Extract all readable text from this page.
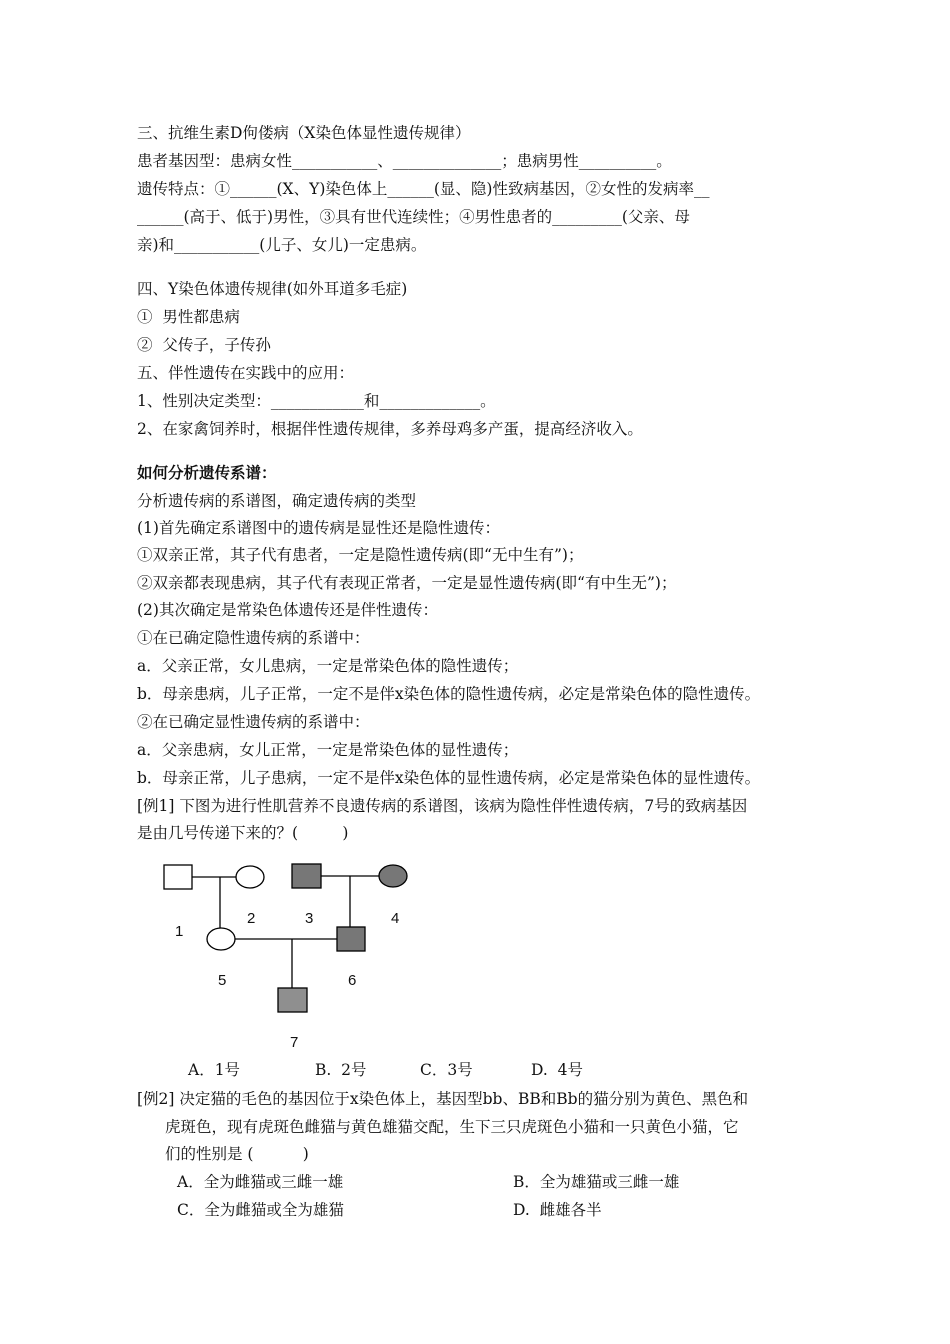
三、抗维生素D佝偻病（X染色体显性遗传规律）
患者基因型：患病女性___________、______________；患病男性__________。
遗传特点：①______(X、Y)染色体上______(显、隐)性致病基因，②女性的发病率__
______(高于、低于)男性，③具有世代连续性；④男性患者的_________(父亲、母
亲)和___________(儿子、女儿)一定患病。
四、Y染色体遗传规律(如外耳道多毛症)
①  男性都患病
②  父传子，子传孙
五、伴性遗传在实践中的应用：
1、性别决定类型：____________和_____________。
2、在家禽饲养时，根据伴性遗传规律，多养母鸡多产蛋，提高经济收入。
如何分析遗传系谱：
分析遗传病的系谱图，确定遗传病的类型
(1)首先确定系谱图中的遗传病是显性还是隐性遗传：
①双亲正常，其子代有患者，一定是隐性遗传病(即“无中生有”)；
②双亲都表现患病，其子代有表现正常者，一定是显性遗传病(即“有中生无”)；
(2)其次确定是常染色体遗传还是伴性遗传：
①在已确定隐性遗传病的系谱中：
a．父亲正常，女儿患病，一定是常染色体的隐性遗传；
b．母亲患病，儿子正常，一定不是伴x染色体的隐性遗传病，必定是常染色体的隐性遗传。
②在已确定显性遗传病的系谱中：
a．父亲患病，女儿正常，一定是常染色体的显性遗传；
b．母亲正常，儿子患病，一定不是伴x染色体的显性遗传病，必定是常染色体的显性遗传。
[例1] 下图为进行性肌营养不良遗传病的系谱图，该病为隐性伴性遗传病，7号的致病基因
是由几号传递下来的？(         )
1
2	3	4
5	6
7
A．1号	B.  2号	C．3号	D.  4号
[例2] 决定猫的毛色的基因位于x染色体上，基因型bb、BB和Bb的猫分别为黄色、黑色和
虎斑色，现有虎斑色雌猫与黄色雄猫交配，生下三只虎斑色小猫和一只黄色小猫，它
们的性别是 (          )
A．全为雌猫或三雌一雄	B．全为雄猫或三雌一雄
C．全为雌猫或全为雄猫	D.  雌雄各半
